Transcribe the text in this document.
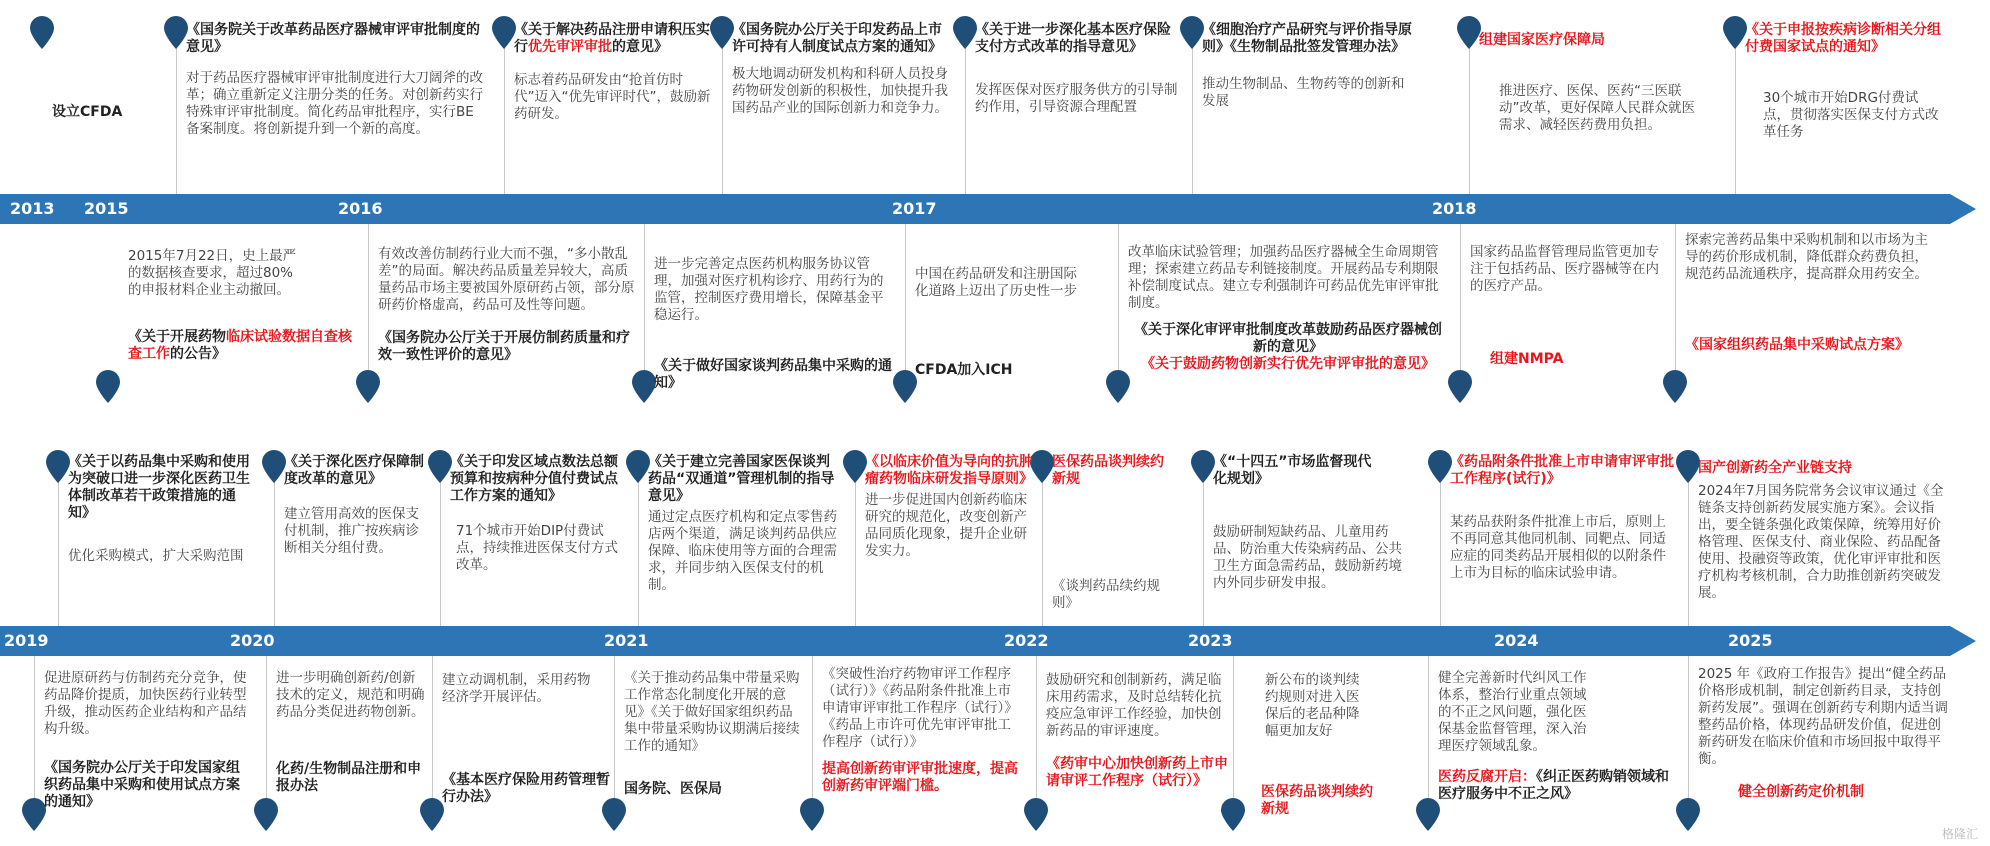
2013 2015	2016	2017	2018
设立CFDA
《国务院关于改革药品医疗器械审评审批制度的意见》
对于药品医疗器械审评审批制度进行大刀阔斧的改革；确立重新定义注册分类的任务。对创新药实行特殊审评审批制度。简化药品审批程序，实行BE备案制度。将创新提升到一个新的高度。
《关于解决药品注册申请积压实行优先审评审批的意见》
标志着药品研发由“抢首仿时代”迈入“优先审评时代”，鼓励新药研发。
《国务院办公厅关于印发药品上市许可持有人制度试点方案的通知》
极大地调动研发机构和科研人员投身药物研发创新的积极性，加快提升我国药品产业的国际创新力和竞争力。
《关于进一步深化基本医疗保险支付方式改革的指导意见》
发挥医保对医疗服务供方的引导制约作用，引导资源合理配置
《细胞治疗产品研究与评价指导原则》《生物制品批签发管理办法》
推动生物制品、生物药等的创新和发展
组建国家医疗保障局
推进医疗、医保、医药“三医联动”改革，更好保障人民群众就医需求、减轻医药费用负担。
《关于申报按疾病诊断相关分组付费国家试点的通知》
30个城市开始DRG付费试点，贯彻落实医保支付方式改革任务
2015年7月22日，史上最严的数据核查要求，超过80%的申报材料企业主动撤回。
《关于开展药物临床试验数据自查核查工作的公告》
有效改善仿制药行业大而不强，“多小散乱差”的局面。解决药品质量差异较大，高质量药品市场主要被国外原研药占领，部分原研药价格虚高，药品可及性等问题。
《国务院办公厅关于开展仿制药质量和疗效一致性评价的意见》
进一步完善定点医药机构服务协议管理，加强对医疗机构诊疗、用药行为的监管，控制医疗费用增长，保障基金平稳运行。
《关于做好国家谈判药品集中采购的通知》
中国在药品研发和注册国际化道路上迈出了历史性一步
CFDA加入ICH
改革临床试验管理；加强药品医疗器械全生命周期管理；探索建立药品专利链接制度。开展药品专利期限补偿制度试点。建立专利强制许可药品优先审评审批制度。
《关于深化审评审批制度改革鼓励药品医疗器械创新的意见》
《关于鼓励药物创新实行优先审评审批的意见》
国家药品监督管理局监管更加专注于包括药品、医疗器械等在内的医疗产品。
组建NMPA
探索完善药品集中采购机制和以市场为主导的药价形成机制，降低群众药费负担，规范药品流通秩序，提高群众用药安全。
《国家组织药品集中采购试点方案》
2019	2020	2021	2022	2023	2024	2025
《关于以药品集中采购和使用为突破口进一步深化医药卫生体制改革若干政策措施的通知》
优化采购模式，扩大采购范围
《关于深化医疗保障制度改革的意见》
建立管用高效的医保支付机制，推广按疾病诊断相关分组付费。
《关于印发区域点数法总额预算和按病种分值付费试点工作方案的通知》
71个城市开始DIP付费试点，持续推进医保支付方式改革。
《关于建立完善国家医保谈判药品“双通道”管理机制的指导意见》
通过定点医疗机构和定点零售药店两个渠道，满足谈判药品供应保障、临床使用等方面的合理需求，并同步纳入医保支付的机制。
《以临床价值为导向的抗肿瘤药物临床研发指导原则》
进一步促进国内创新药临床研究的规范化，改变创新产品同质化现象，提升企业研发实力。
医保药品谈判续约新规
《谈判药品续约规则》
《“十四五”市场监督现代化规划》
鼓励研制短缺药品、儿童用药品、防治重大传染病药品、公共卫生方面急需药品，鼓励新药境内外同步研发申报。
《药品附条件批准上市申请审评审批工作程序(试行)》
某药品获附条件批准上市后，原则上不再同意其他同机制、同靶点、同适应症的同类药品开展相似的以附条件上市为目标的临床试验申请。
国产创新药全产业链支持
2024年7月国务院常务会议审议通过《全链条支持创新药发展实施方案》。会议指出，要全链条强化政策保障，统筹用好价格管理、医保支付、商业保险、药品配备使用、投融资等政策，优化审评审批和医疗机构考核机制，合力助推创新药突破发展。
促进原研药与仿制药充分竞争，使药品降价提质，加快医药行业转型升级，推动医药企业结构和产品结构升级。
《国务院办公厅关于印发国家组织药品集中采购和使用试点方案的通知》
进一步明确创新药/创新技术的定义，规范和明确药品分类促进药物创新。
化药/生物制品注册和申报办法
建立动调机制，采用药物经济学开展评估。
《基本医疗保险用药管理暂行办法》
《关于推动药品集中带量采购工作常态化制度化开展的意见》《关于做好国家组织药品集中带量采购协议期满后接续工作的通知》
国务院、医保局
《突破性治疗药物审评工作程序（试行）》《药品附条件批准上市申请审评审批工作程序（试行）》《药品上市许可优先审评审批工作程序（试行）》
提高创新药审评审批速度，提高创新药审评端门槛。
鼓励研究和创制新药，满足临床用药需求，及时总结转化抗疫应急审评工作经验，加快创新药品的审评速度。
《药审中心加快创新药上市申请审评工作程序（试行）》
新公布的谈判续约规则对进入医保后的老品种降幅更加友好
医保药品谈判续约新规
健全完善新时代纠风工作体系，整治行业重点领域的不正之风问题，强化医保基金监督管理，深入治理医疗领域乱象。
医药反腐开启：《纠正医药购销领域和医疗服务中不正之风》
2025 年《政府工作报告》提出“健全药品价格形成机制，制定创新药目录，支持创新药发展”。强调在创新药专利期内适当调整药品价格，体现药品研发价值，促进创新药研发在临床价值和市场回报中取得平衡。
健全创新药定价机制
格隆汇
